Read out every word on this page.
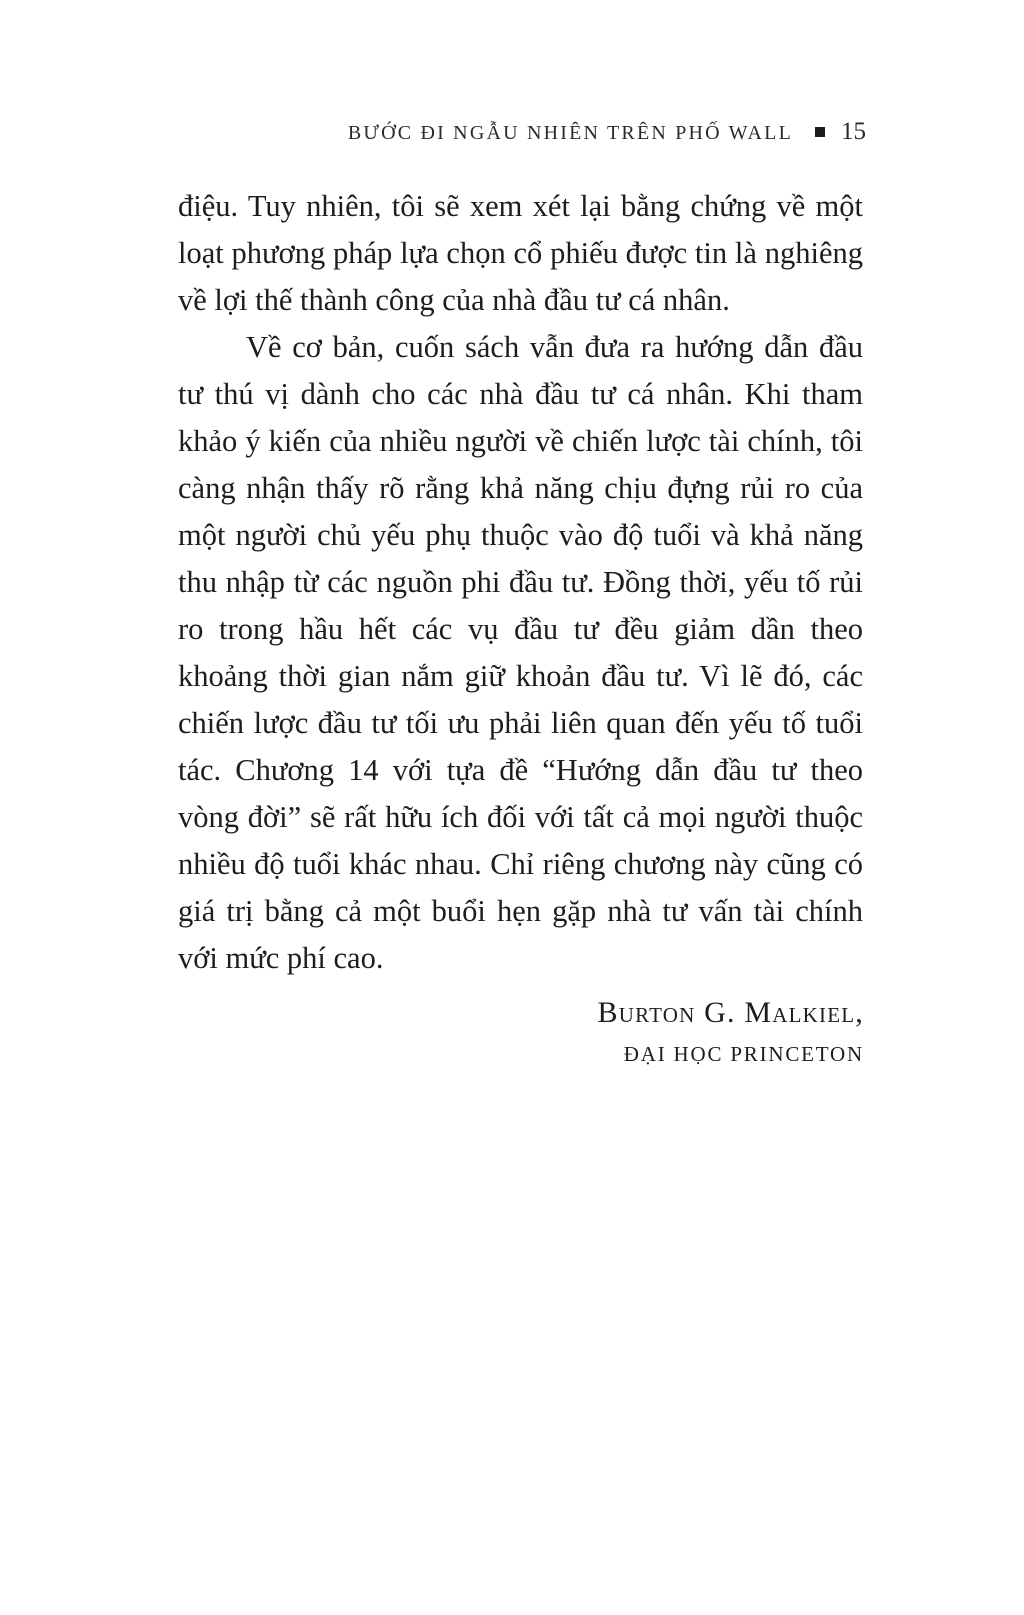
BƯỚC ĐI NGẪU NHIÊN TRÊN PHỐ WALL 15

điệu. Tuy nhiên, tôi sẽ xem xét lại bằng chứng về một loạt phương pháp lựa chọn cổ phiếu được tin là nghiêng về lợi thế thành công của nhà đầu tư cá nhân.

Về cơ bản, cuốn sách vẫn đưa ra hướng dẫn đầu tư thú vị dành cho các nhà đầu tư cá nhân. Khi tham khảo ý kiến của nhiều người về chiến lược tài chính, tôi càng nhận thấy rõ rằng khả năng chịu đựng rủi ro của một người chủ yếu phụ thuộc vào độ tuổi và khả năng thu nhập từ các nguồn phi đầu tư. Đồng thời, yếu tố rủi ro trong hầu hết các vụ đầu tư đều giảm dần theo khoảng thời gian nắm giữ khoản đầu tư. Vì lẽ đó, các chiến lược đầu tư tối ưu phải liên quan đến yếu tố tuổi tác. Chương 14 với tựa đề “Hướng dẫn đầu tư theo vòng đời” sẽ rất hữu ích đối với tất cả mọi người thuộc nhiều độ tuổi khác nhau. Chỉ riêng chương này cũng có giá trị bằng cả một buổi hẹn gặp nhà tư vấn tài chính với mức phí cao.

Burton G. Malkiel,
ĐẠI HỌC PRINCETON
